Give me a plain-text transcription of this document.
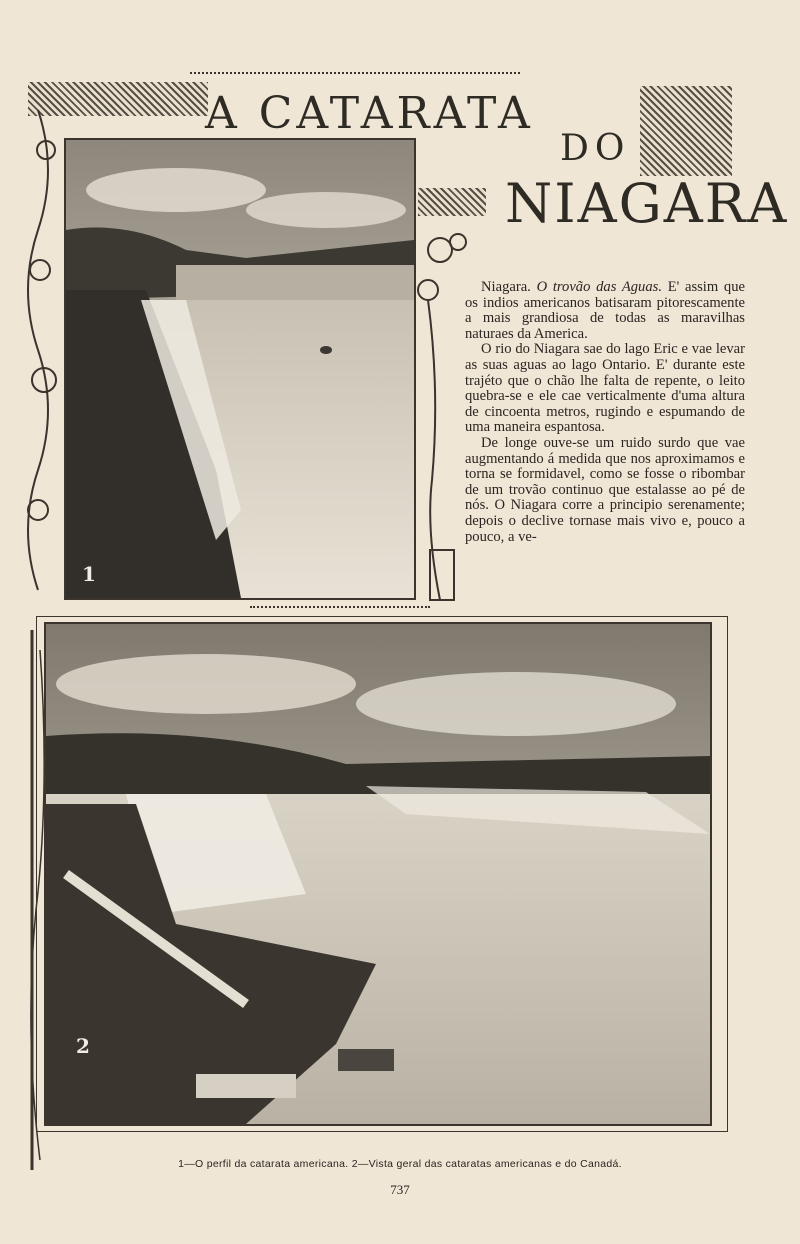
A CATARATA
DO
NIAGARA
1

Niagara. O trovão das Aguas. E' assim que os indios americanos batisaram pitorescamente a mais grandiosa de todas as maravilhas naturaes da America.

O rio do Niagara sae do lago Eric e vae levar as suas aguas ao lago Ontario. E' durante este trajéto que o chão lhe falta de repente, o leito quebra-se e ele cae verticalmente d'uma altura de cincoenta metros, rugindo e espumando de uma maneira espantosa.

De longe ouve-se um ruido surdo que vae augmentando á medida que nos aproximamos e torna se formidavel, como se fosse o ribombar de um trovão continuo que estalasse ao pé de nós. O Niagara corre a principio serenamente; depois o declive tornase mais vivo e, pouco a pouco, a ve-

2
1—O perfil da catarata americana. 2—Vista geral das cataratas americanas e do Canadá.
737
